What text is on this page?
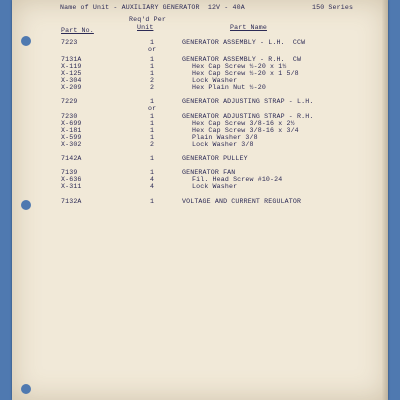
Name of Unit - AUXILIARY GENERATOR  12V - 40A	150 Series
Part No.
Req'd Per
Unit	Part Name
7223	1	GENERATOR ASSEMBLY - L.H.  CCW
or
7131A	1	GENERATOR ASSEMBLY - R.H.  CW
X-119	1	Hex Cap Screw ½-20 x 1½
X-125	1	Hex Cap Screw ½-20 x 1 5/8
X-304	2	Lock Washer
X-209	2	Hex Plain Nut ½-20
7229	1	GENERATOR ADJUSTING STRAP - L.H.
or
7230	1	GENERATOR ADJUSTING STRAP - R.H.
X-699	1	Hex Cap Screw 3/8-16 x 2½
X-181	1	Hex Cap Screw 3/8-16 x 3/4
X-599	1	Plain Washer 3/8
X-302	2	Lock Washer 3/8
7142A	1	GENERATOR PULLEY
7139	1	GENERATOR FAN
X-636	4	Fil. Head Screw #10-24
X-311	4	Lock Washer
7132A	1	VOLTAGE AND CURRENT REGULATOR
